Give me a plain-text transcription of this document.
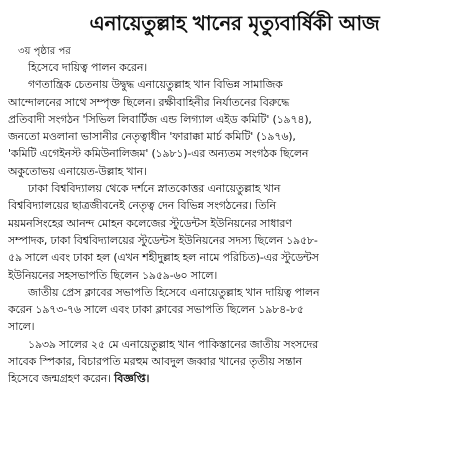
এনায়েতুল্লাহ খানের মৃত্যুবার্ষিকী আজ
৩য় পৃষ্ঠার পর
হিসেবে দায়িত্ব পালন করেন।
গণতান্ত্রিক চেতনায় উদ্বুদ্ধ এনায়েতুল্লাহ খান বিভিন্ন সামাজিক
আন্দোলনের সাথে সম্পৃক্ত ছিলেন। রক্ষীবাহিনীর নির্যাতনের বিরুদ্ধে
প্রতিবাদী সংগঠন 'সিভিল লিবার্টিজ এন্ড লিগ্যাল এইড কমিটি' (১৯৭৪),
জনতো মওলানা ভাসানীর নেতৃত্বাধীন 'ফারাক্কা মার্চ কমিটি' (১৯৭৬),
'কমিটি এগেইনস্ট কমিউনালিজম' (১৯৮১)-এর অন্যতম সংগঠক ছিলেন
অকুতোভয় এনায়েত-উল্লাহ খান।
ঢাকা বিশ্ববিদ্যালয় থেকে দর্শনে স্নাতকোত্তর এনায়েতুল্লাহ খান
বিশ্ববিদ্যালয়ের ছাত্রজীবনেই নেতৃত্ব দেন বিভিন্ন সংগঠনের। তিনি
ময়মনসিংহের আনন্দ মোহন কলেজের স্টুডেন্টস ইউনিয়নের সাধারণ
সম্পাদক, ঢাকা বিশ্ববিদ্যালয়ের স্টুডেন্টস ইউনিয়নের সদস্য ছিলেন ১৯৫৮-
৫৯ সালে এবং ঢাকা হল (এখন শহীদুল্লাহ হল নামে পরিচিত)-এর স্টুডেন্টস
ইউনিয়নের সহসভাপতি ছিলেন ১৯৫৯-৬০ সালে।
জাতীয় প্রেস ক্লাবের সভাপতি হিসেবে এনায়েতুল্লাহ খান দায়িত্ব পালন
করেন ১৯৭৩-৭৬ সালে এবং ঢাকা ক্লাবের সভাপতি ছিলেন ১৯৮৪-৮৫
সালে।
১৯৩৯ সালের ২৫ মে এনায়েতুল্লাহ খান পাকিস্তানের জাতীয় সংসদের
সাবেক স্পিকার, বিচারপতি মরহুম আবদুল জব্বার খানের তৃতীয় সন্তান
হিসেবে জন্মগ্রহণ করেন। বিজ্ঞপ্তি।
